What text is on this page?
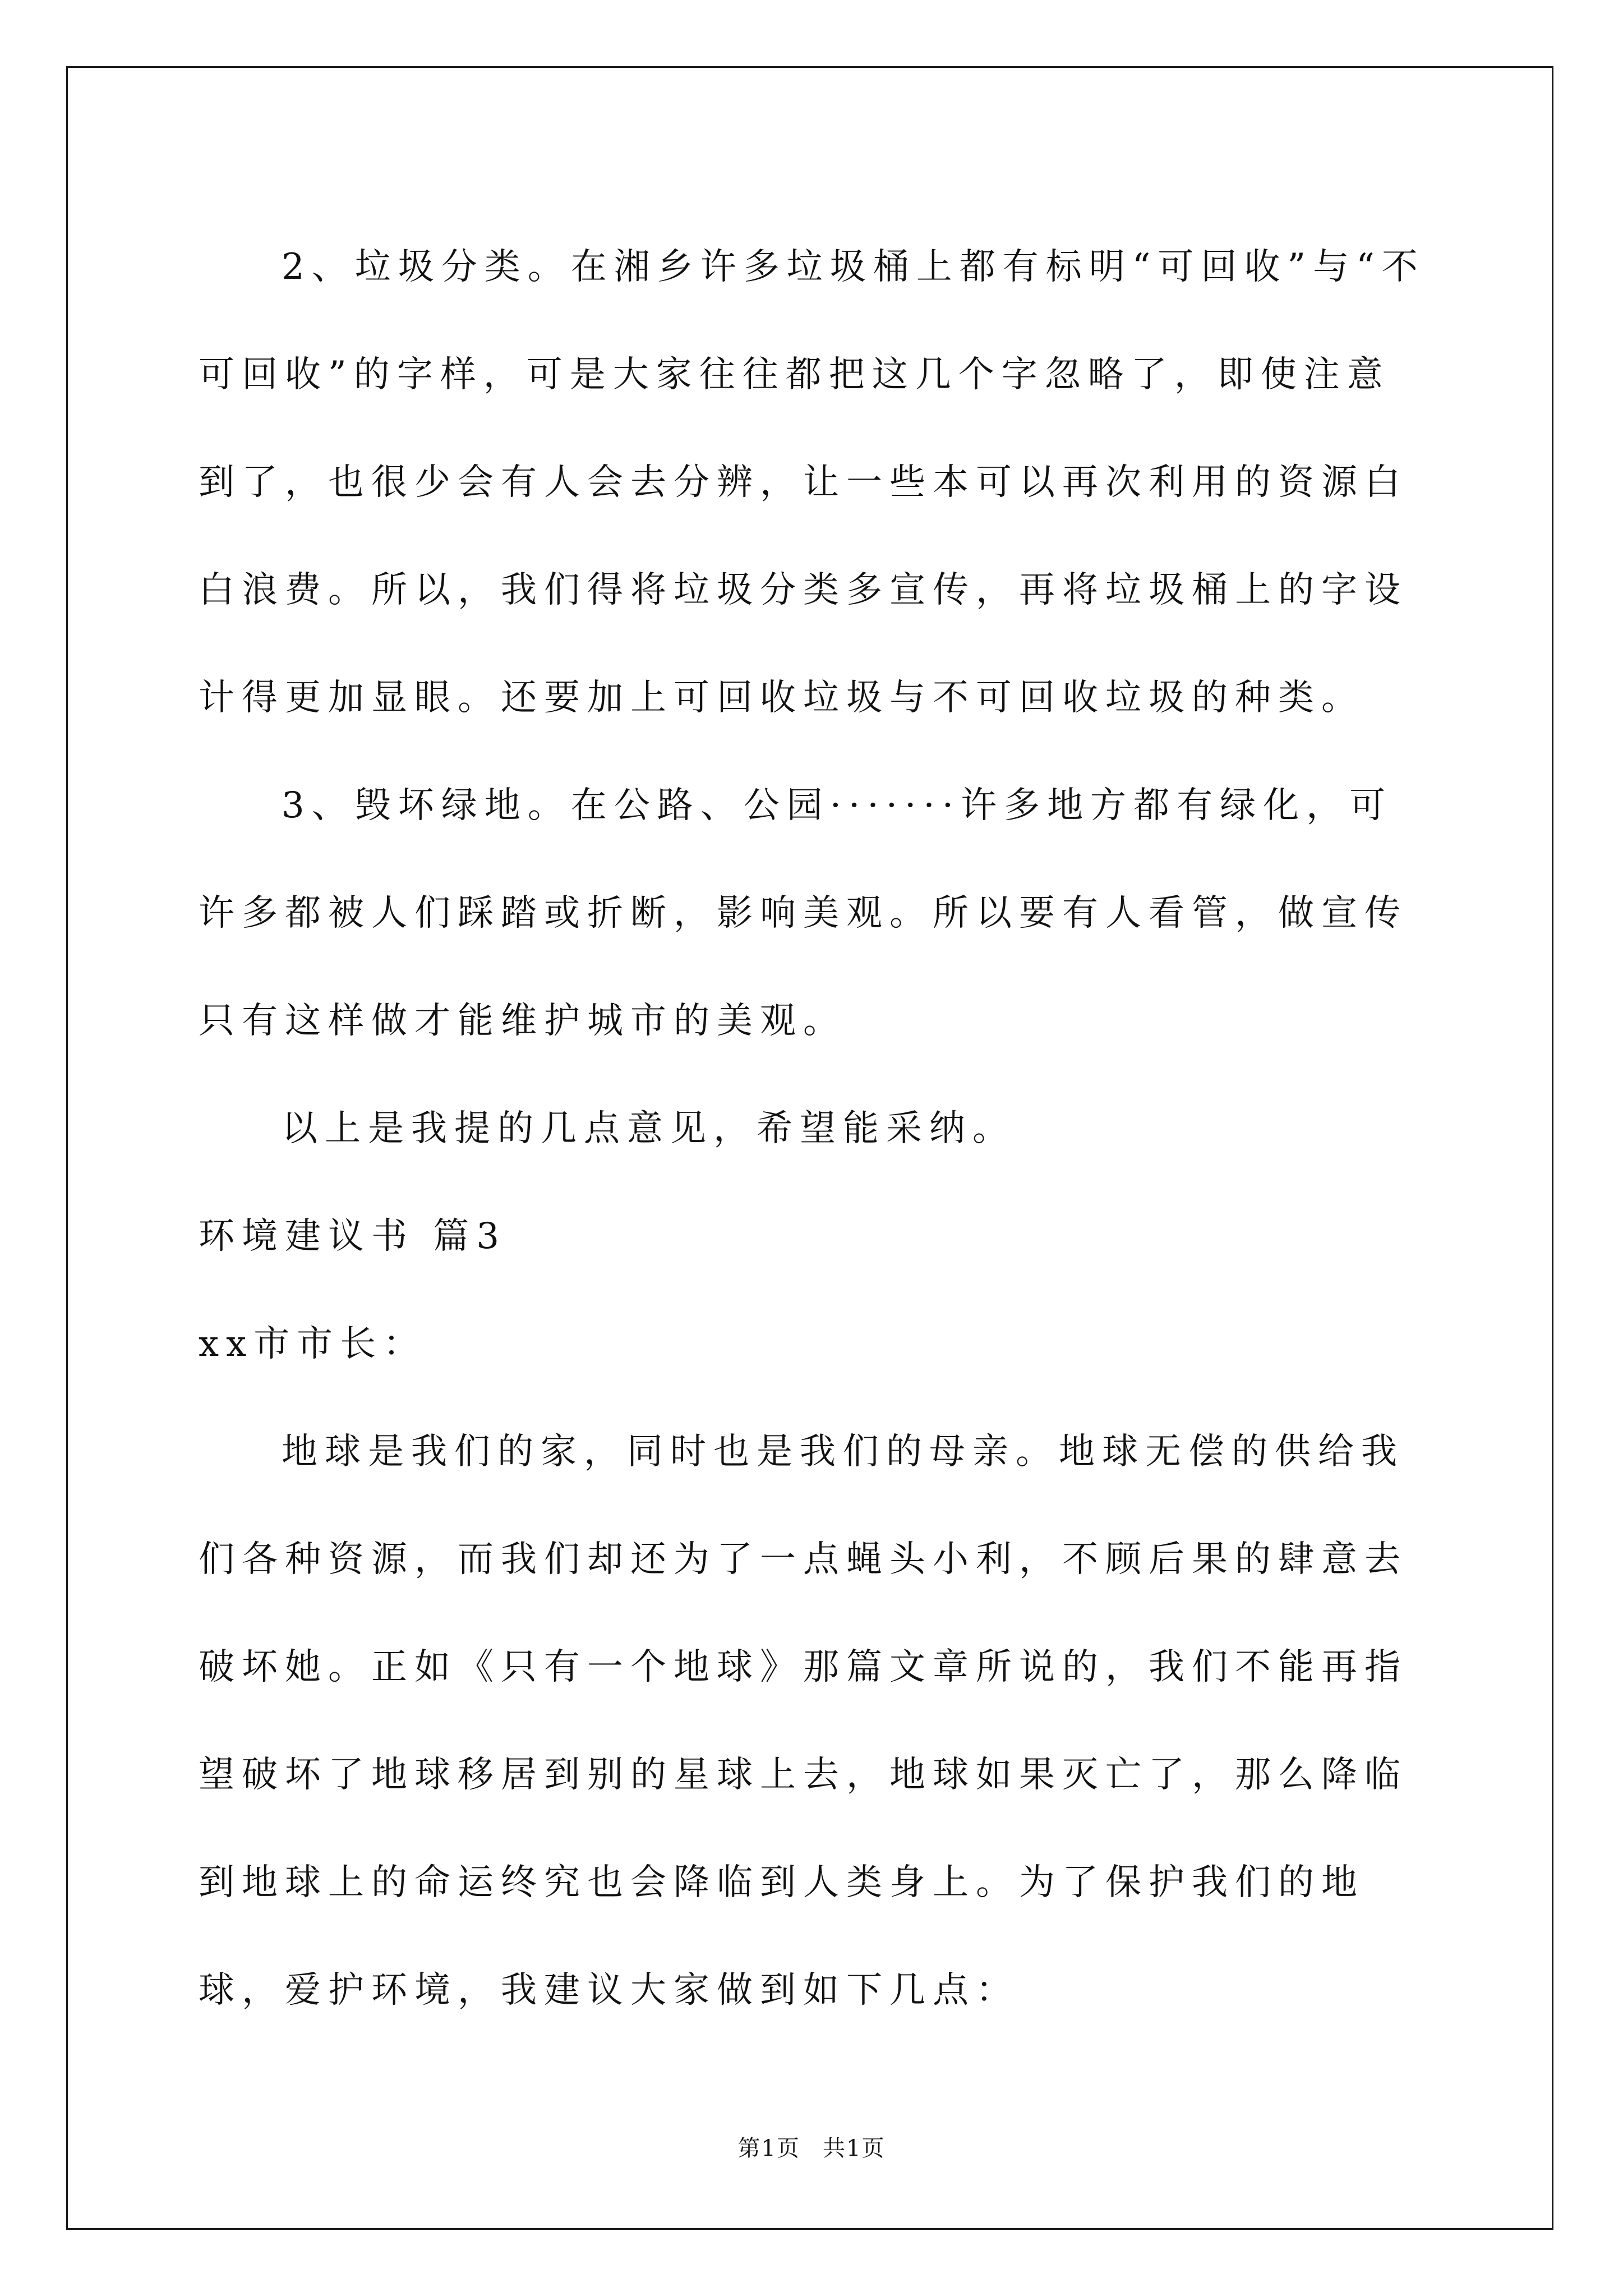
2、垃圾分类。在湘乡许多垃圾桶上都有标明“可回收”与“不可回收”的字样，可是大家往往都把这几个字忽略了，即使注意到了，也很少会有人会去分辨，让一些本可以再次利用的资源白白浪费。所以，我们得将垃圾分类多宣传，再将垃圾桶上的字设计得更加显眼。还要加上可回收垃圾与不可回收垃圾的种类。

3、毁坏绿地。在公路、公园·······许多地方都有绿化，可许多都被人们踩踏或折断，影响美观。所以要有人看管，做宣传只有这样做才能维护城市的美观。

以上是我提的几点意见，希望能采纳。

环境建议书 篇3

xx市市长：

地球是我们的家，同时也是我们的母亲。地球无偿的供给我们各种资源，而我们却还为了一点蝇头小利，不顾后果的肆意去破坏她。正如《只有一个地球》那篇文章所说的，我们不能再指望破坏了地球移居到别的星球上去，地球如果灭亡了，那么降临到地球上的命运终究也会降临到人类身上。为了保护我们的地球，爱护环境，我建议大家做到如下几点：

第1页 共1页
